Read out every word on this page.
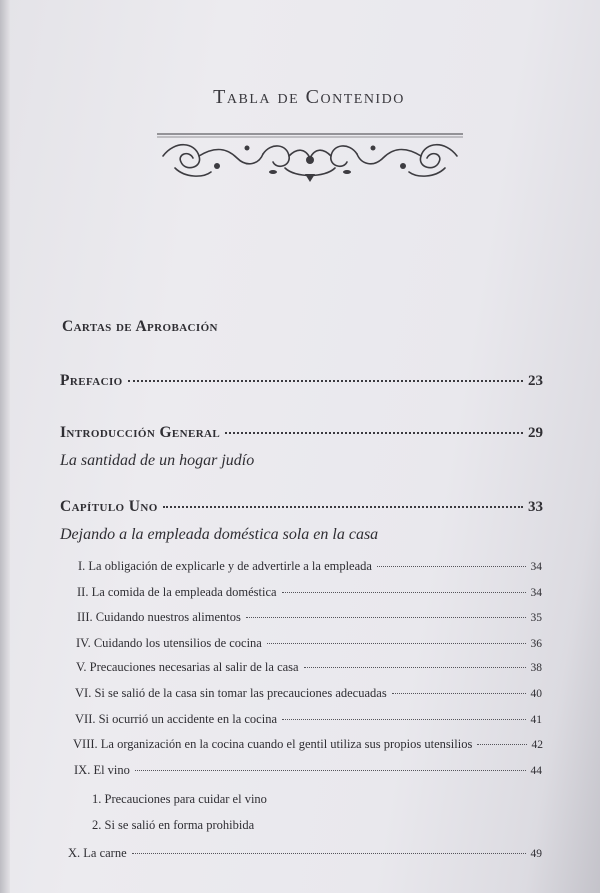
Tabla de Contenido
Cartas de Aprobación
Prefacio	23
Introducción General	29
La santidad de un hogar judío
Capítulo Uno	33
Dejando a la empleada doméstica sola en la casa
I. La obligación de explicarle y de advertirle a la empleada	34
II. La comida de la empleada doméstica	34
III. Cuidando nuestros alimentos	35
IV. Cuidando los utensilios de cocina	36
V. Precauciones necesarias al salir de la casa	38
VI. Si se salió de la casa sin tomar las precauciones adecuadas	40
VII. Si ocurrió un accidente en la cocina	41
VIII. La organización en la cocina cuando el gentil utiliza sus propios utensilios	42
IX. El vino	44
1. Precauciones para cuidar el vino
2. Si se salió en forma prohibida
X. La carne	49
